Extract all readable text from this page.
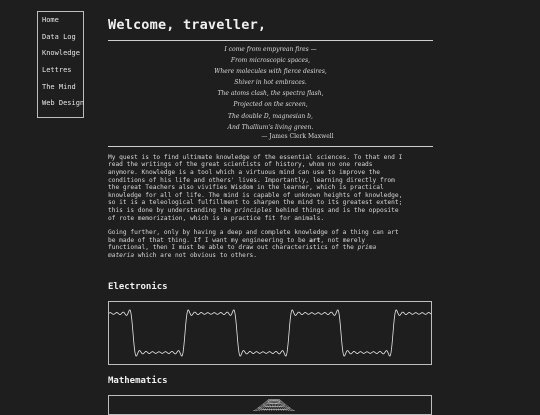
Home
Data Log
Knowledge
Lettres
The Mind
Web Design
Welcome, traveller,
I come from empyrean fires —
From microscopic spaces,
Where molecules with fierce desires,
Shiver in hot embraces.
The atoms clash, the spectra flash,
Projected on the screen,
The double D, magnesian b,
And Thallium's living green.
— James Clerk Maxwell

My quest is to find ultimate knowledge of the essential sciences. To that end I
read the writings of the great scientists of history, whom no one reads
anymore. Knowledge is a tool which a virtuous mind can use to improve the
conditions of his life and others' lives. Importantly, learning directly from
the great Teachers also vivifies Wisdom in the learner, which is practical
knowledge for all of life. The mind is capable of unknown heights of knowledge,
so it is a teleological fulfillment to sharpen the mind to its greatest extent;
this is done by understanding the principles behind things and is the opposite
of rote memorization, which is a practice fit for animals.

Going further, only by having a deep and complete knowledge of a thing can art
be made of that thing. If I want my engineering to be art, not merely
functional, then I must be able to draw out characteristics of the prima
materia which are not obvious to others.

Electronics
Mathematics
